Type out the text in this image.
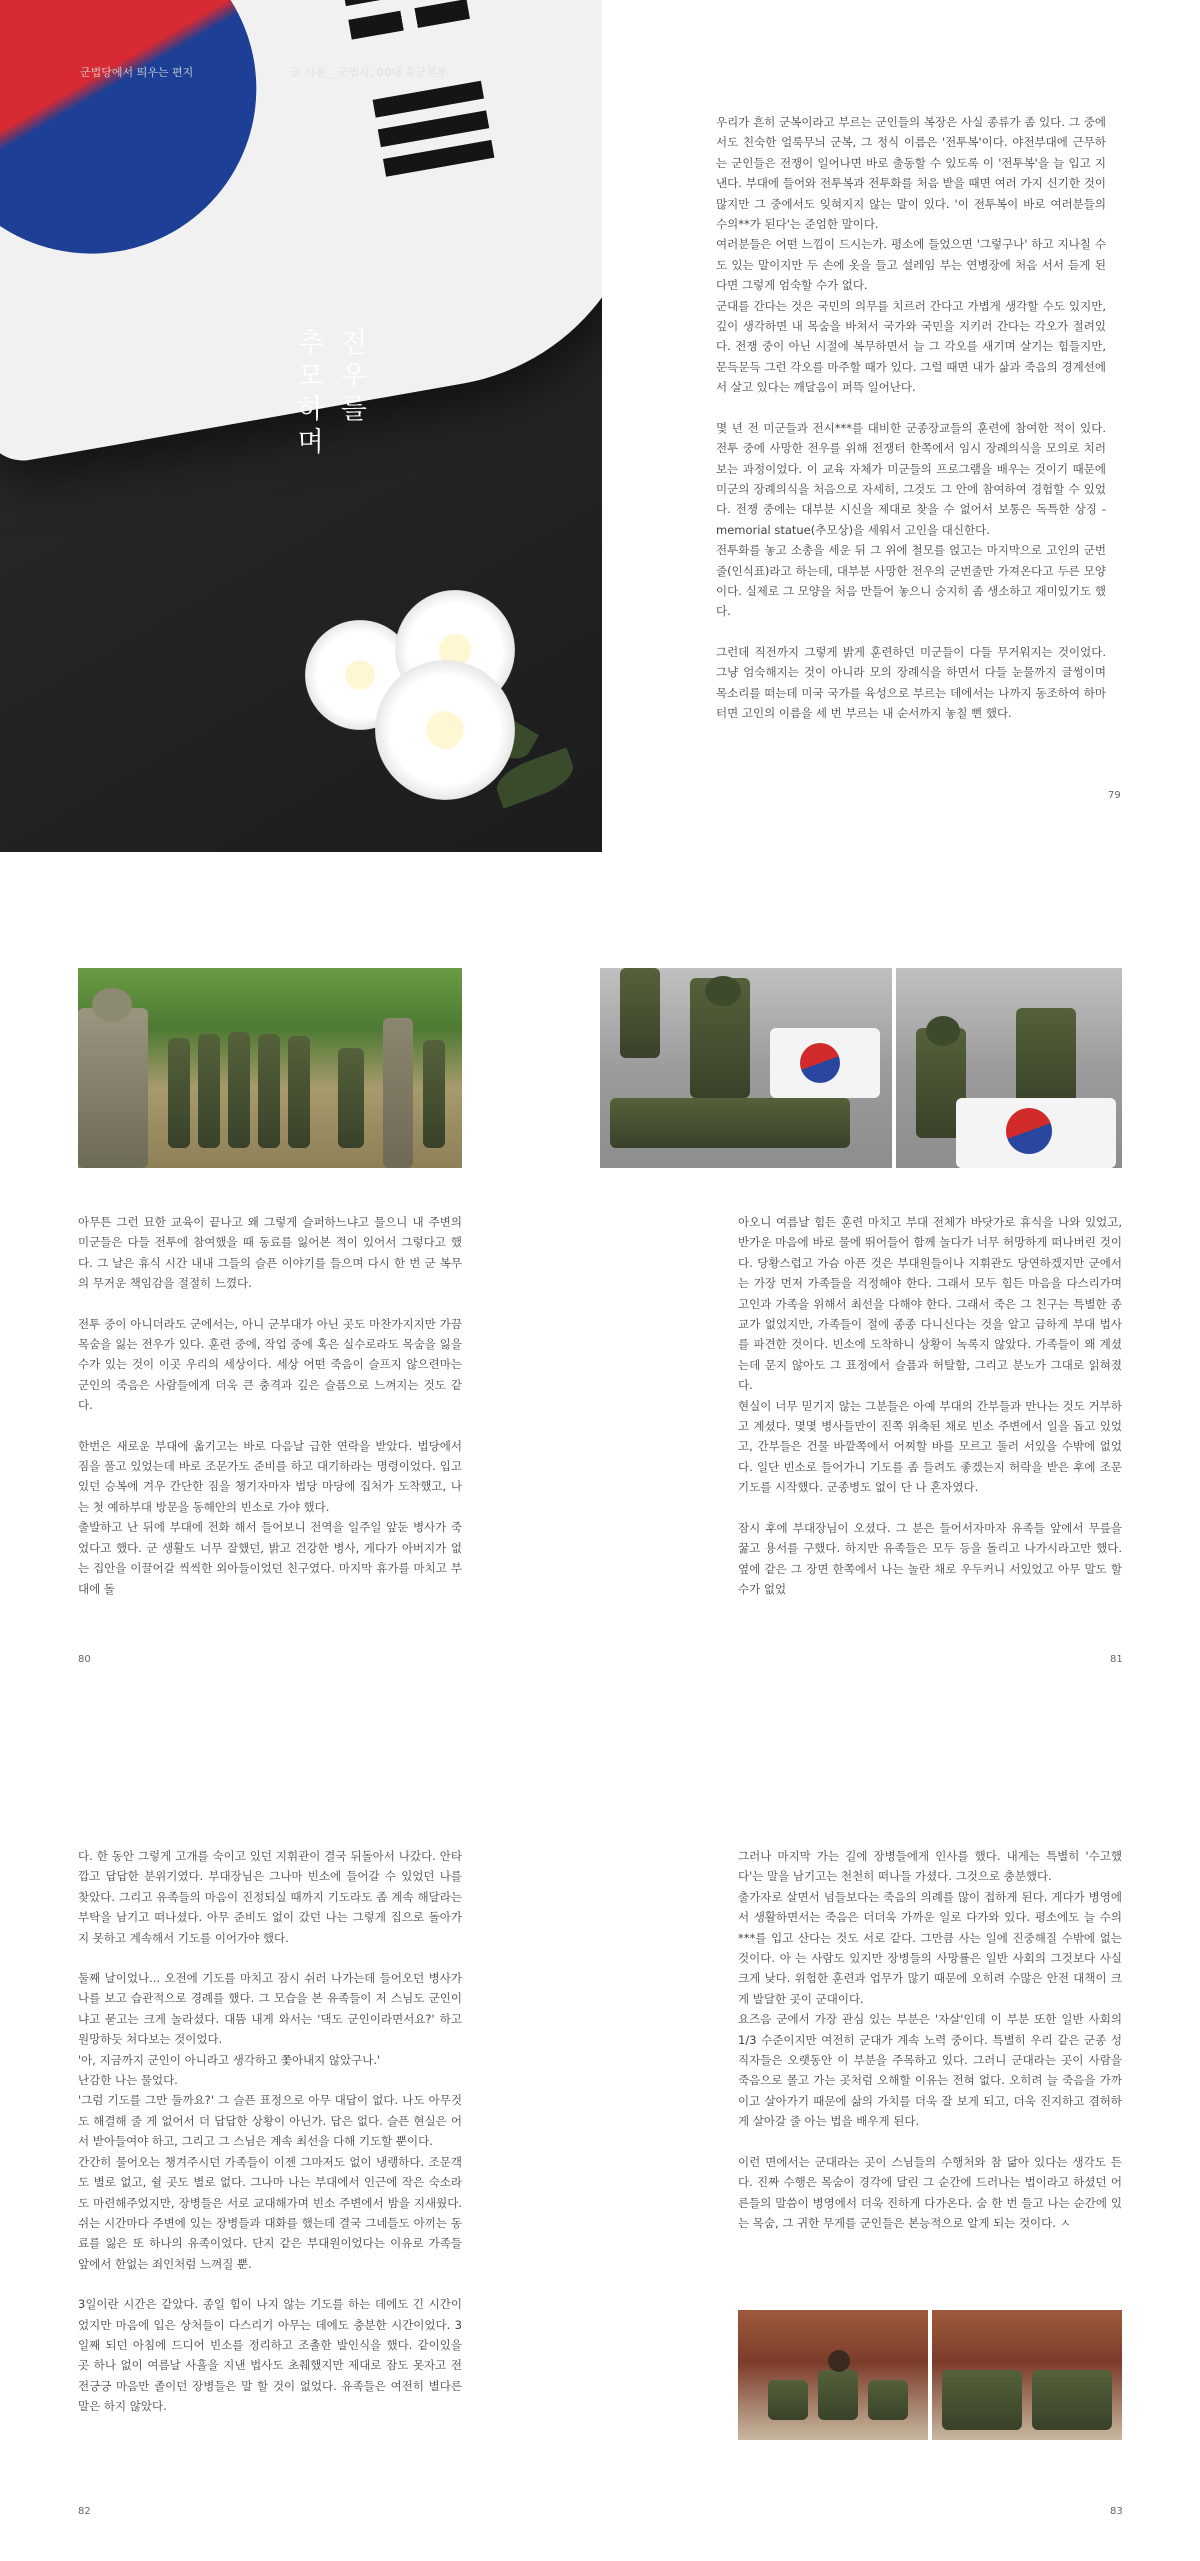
군법당에서 띄우는 편지	글 지용 _ 군법사, 00대 육군본부
전우를
추모하며

우리가 흔히 군복이라고 부르는 군인들의 복장은 사실 종류가 좀 있다. 그 중에서도 친숙한 얼룩무늬 군복, 그 정식 이름은 '전투복'이다. 야전부대에 근무하는 군인들은 전쟁이 일어나면 바로 출동할 수 있도록 이 '전투복'을 늘 입고 지낸다. 부대에 들어와 전투복과 전투화를 처음 받을 때면 여러 가지 신기한 것이 많지만 그 중에서도 잊혀지지 않는 말이 있다. '이 전투복이 바로 여러분들의 수의**가 된다'는 준엄한 말이다.

여러분들은 어떤 느낌이 드시는가. 평소에 들었으면 '그렇구나' 하고 지나칠 수도 있는 말이지만 두 손에 옷을 들고 설레임 부는 연병장에 처음 서서 듣게 된다면 그렇게 엄숙할 수가 없다.

군대를 간다는 것은 국민의 의무를 치르러 간다고 가볍게 생각할 수도 있지만, 깊이 생각하면 내 목숨을 바쳐서 국가와 국민을 지키러 간다는 각오가 절려있다. 전쟁 중이 아닌 시절에 복무하면서 늘 그 각오를 새기며 살기는 힘들지만, 문득문득 그런 각오를 마주할 때가 있다. 그럴 때면 내가 삶과 죽음의 경계선에서 살고 있다는 깨달음이 퍼뜩 일어난다.

몇 년 전 미군들과 전시***를 대비한 군종장교들의 훈련에 참여한 적이 있다. 전투 중에 사망한 전우를 위해 전쟁터 한쪽에서 임시 장례의식을 모의로 치러보는 과정이었다. 이 교육 자체가 미군들의 프로그램을 배우는 것이기 때문에 미군의 장례의식을 처음으로 자세히, 그것도 그 안에 참여하여 경험할 수 있었다. 전쟁 중에는 대부분 시신을 제대로 찾을 수 없어서 보통은 독특한 상징 - memorial statue(추모상)을 세워서 고인을 대신한다.

전투화를 놓고 소총을 세운 뒤 그 위에 철모를 얹고는 마지막으로 고인의 군번 줄(인식표)라고 하는데, 대부분 사망한 전우의 군번줄만 가져온다고 두른 모양이다. 실제로 그 모양을 처음 만들어 놓으니 숭지히 좀 생소하고 재미있기도 했다.

그런데 직전까지 그렇게 밝게 훈련하던 미군들이 다들 무거워지는 것이었다. 그냥 엄숙해지는 것이 아니라 모의 장례식을 하면서 다들 눈물까지 글썽이며 목소리를 떠는데 미국 국가를 육성으로 부르는 데에서는 나까지 동조하여 하마터면 고인의 이름을 세 번 부르는 내 순서까지 놓칠 뻔 했다.

79

아무튼 그런 묘한 교육이 끝나고 왜 그렇게 슬퍼하느냐고 물으니 내 주변의 미군들은 다들 전투에 참여했을 때 동료를 잃어본 적이 있어서 그렇다고 했다. 그 날은 휴식 시간 내내 그들의 슬픈 이야기를 들으며 다시 한 번 군 복무의 무거운 책임감을 절절히 느꼈다.

전투 중이 아니더라도 군에서는, 아니 군부대가 아닌 곳도 마찬가지지만 가끔 목숨을 잃는 전우가 있다. 훈련 중에, 작업 중에 혹은 실수로라도 목숨을 잃을 수가 있는 것이 이곳 우리의 세상이다. 세상 어떤 죽음이 슬프지 않으련마는 군인의 죽음은 사람들에게 더욱 큰 충격과 깊은 슬픔으로 느껴지는 것도 같다.

한번은 새로운 부대에 옮기고는 바로 다음날 급한 연락을 받았다. 법당에서 짐을 풀고 있었는데 바로 조문가도 준비를 하고 대기하라는 명령이었다. 입고 있던 승복에 겨우 간단한 짐을 챙기자마자 법당 마당에 집처가 도착했고, 나는 첫 예하부대 방문을 동해안의 빈소로 가야 했다.

출발하고 난 뒤에 부대에 전화 해서 들어보니 전역을 일주일 앞둔 병사가 죽었다고 했다. 군 생활도 너무 잘했던, 밝고 건강한 병사, 게다가 아버지가 없는 집안을 이끌어갈 씩씩한 외아들이었던 친구였다. 마지막 휴가를 마치고 부대에 돌

80

아오니 여름날 힘든 훈련 마치고 부대 전체가 바닷가로 휴식을 나와 있었고, 반가운 마음에 바로 물에 뛰어들어 함께 놀다가 너무 허망하게 떠나버린 것이다. 당황스럽고 가슴 아픈 것은 부대원들이나 지휘관도 당연하겠지만 군에서는 가장 먼저 가족들을 걱정해야 한다. 그래서 모두 힘든 마음을 다스리가며 고인과 가족을 위해서 최선을 다해야 한다. 그래서 죽은 그 친구는 특별한 종교가 없었지만, 가족들이 절에 종종 다니신다는 것을 알고 급하게 부대 법사를 파견한 것이다. 빈소에 도착하니 상황이 녹록지 않았다. 가족들이 왜 계셨는데 문지 않아도 그 표정에서 슬픔과 허탈함, 그리고 분노가 그대로 읽혀졌다.

현실이 너무 믿기지 않는 그분들은 아예 부대의 간부들과 만나는 것도 거부하고 계셨다. 몇몇 병사들만이 진쪽 위축된 채로 빈소 주변에서 일을 돕고 있었고, 간부들은 건물 바깥쪽에서 어찌할 바를 모르고 둘러 서있을 수밖에 없었다. 일단 빈소로 들어가니 기도를 좀 들려도 좋겠는지 허락을 받은 후에 조문 기도를 시작했다. 군종병도 없이 단 나 혼자였다.

잠시 후에 부대장님이 오셨다. 그 분은 들어서자마자 유족들 앞에서 무릎을 꿇고 용서를 구했다. 하지만 유족들은 모두 등을 돌리고 나가시라고만 했다. 옆에 같은 그 장면 한쪽에서 나는 놀란 채로 우두커니 서있었고 아무 말도 할 수가 없었

81

다. 한 동안 그렇게 고개를 숙이고 있던 지휘관이 결국 뒤돌아서 나갔다. 안타깝고 답답한 분위기였다. 부대장님은 그나마 빈소에 들어갈 수 있었던 나를 찾았다. 그리고 유족들의 마음이 진정되실 때까지 기도라도 좀 계속 해달라는 부탁을 남기고 떠나셨다. 아무 준비도 없이 갔던 나는 그렇게 집으로 돌아가지 못하고 계속해서 기도를 이어가야 했다.

둘째 날이었나... 오전에 기도를 마치고 잠시 쉬러 나가는데 들어오던 병사가 나를 보고 습관적으로 경례를 했다. 그 모습을 본 유족들이 저 스님도 군인이냐고 묻고는 크게 놀라셨다. 대뜸 내게 와서는 '댁도 군인이라면서요?' 하고 원망하듯 쳐다보는 것이었다.

'아, 지금까지 군인이 아니라고 생각하고 쫓아내지 않았구나.'

난감한 나는 물었다.

'그럼 기도를 그만 둘까요?' 그 슬픈 표정으로 아무 대답이 없다. 나도 아무것도 해결해 줄 게 없어서 더 답답한 상황이 아닌가. 답은 없다. 슬픈 현실은 어서 받아들여야 하고, 그리고 그 스님은 계속 최선을 다해 기도할 뿐이다.

간간히 물어오는 챙겨주시던 가족들이 이젠 그마저도 없이 냉랭하다. 조문객도 별로 없고, 쉴 곳도 별로 없다. 그나마 나는 부대에서 인근에 작은 숙소라도 마련해주었지만, 장병들은 서로 교대해가며 빈소 주변에서 밤을 지새웠다. 쉬는 시간마다 주변에 있는 장병들과 대화를 했는데 결국 그네들도 아끼는 동료를 잃은 또 하나의 유족이었다. 단지 같은 부대원이었다는 이유로 가족들 앞에서 한없는 죄인처럼 느껴질 뿐.

3일이란 시간은 같았다. 종일 힘이 나지 않는 기도를 하는 데에도 긴 시간이었지만 마음에 입은 상처들이 다스리기 아무는 데에도 충분한 시간이었다. 3일째 되던 아침에 드디어 빈소를 정리하고 조촐한 발인식을 했다. 같이있을 곳 하나 없이 여름날 사흘을 지낸 법사도 초췌했지만 제대로 잠도 못자고 전전긍긍 마음만 졸이던 장병들은 말 할 것이 없었다. 유족들은 여전히 별다른 말은 하지 않았다.

82

그러나 마지막 가는 길에 장병들에게 인사를 했다. 내게는 특별히 '수고했다'는 말을 남기고는 천천히 떠나들 가셨다. 그것으로 충분했다.

출가자로 살면서 넘들보다는 죽음의 의례를 많이 접하게 된다. 게다가 병영에서 생활하면서는 죽음은 더더욱 가까운 일로 다가와 있다. 평소에도 늘 수의***를 입고 산다는 것도 서로 같다. 그만큼 사는 일에 진중해질 수밖에 없는 것이다. 아 는 사람도 있지만 장병들의 사망률은 일반 사회의 그것보다 사실 크게 낮다. 위험한 훈련과 업무가 많기 때문에 오히려 수많은 안전 대책이 크게 발달한 곳이 군대이다.

요즈음 군에서 가장 관심 있는 부분은 '자살'인데 이 부분 또한 일반 사회의 1/3 수준이지만 여전히 군대가 계속 노력 중이다. 특별히 우리 같은 군종 성직자들은 오랫동안 이 부분을 주목하고 있다. 그러니 군대라는 곳이 사람을 죽음으로 몰고 가는 곳처럼 오해할 이유는 전혀 없다. 오히려 늘 죽음을 가까이고 살아가기 때문에 삶의 가치를 더욱 잘 보게 되고, 더욱 진지하고 겸허하게 살아갈 줄 아는 법을 배우게 된다.

이런 면에서는 군대라는 곳이 스님들의 수행처와 참 닮아 있다는 생각도 든다. 진짜 수행은 목숨이 경각에 달린 그 순간에 드러나는 법이라고 하셨던 어른들의 말씀이 병영에서 더욱 진하게 다가온다. 숨 한 번 들고 나는 순간에 있는 목숨, 그 귀한 무게를 군인들은 본능적으로 알게 되는 것이다. ㅅ

83
